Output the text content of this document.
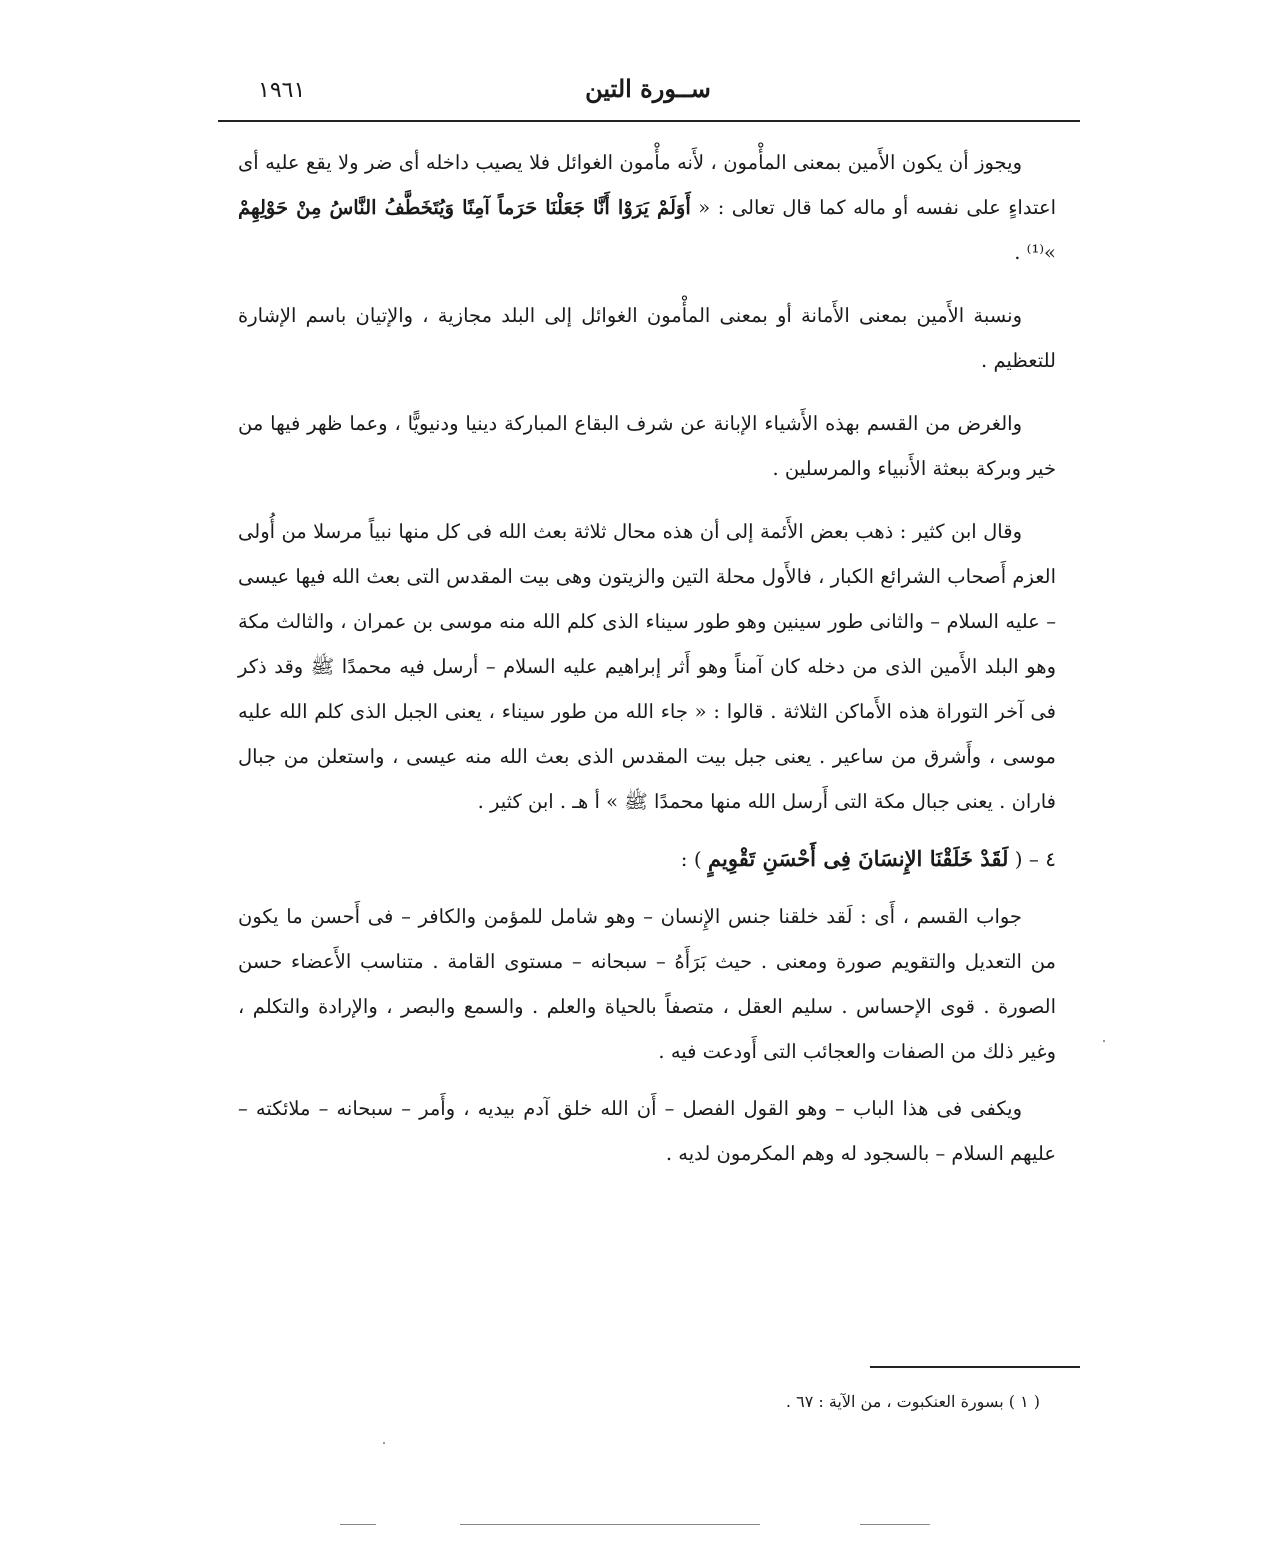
١٩٦١	ســورة التين

ويجوز أن يكون الأَمين بمعنى المأْمون ، لأَنه مأْمون الغوائل فلا يصيب داخله أى ضر ولا يقع عليه أى اعتداءٍ على نفسه أو ماله كما قال تعالى : « أَوَلَمْ يَرَوْا أَنَّا جَعَلْنَا حَرَماً آمِنًا وَيُتَخَطَّفُ النَّاسُ مِنْ حَوْلِهِمْ »⁽¹⁾ .

ونسبة الأَمين بمعنى الأَمانة أو بمعنى المأْمون الغوائل إلى البلد مجازية ، والإتيان باسم الإشارة للتعظيم .

والغرض من القسم بهذه الأَشياء الإبانة عن شرف البقاع المباركة دينيا ودنيويًّا ، وعما ظهر فيها من خير وبركة ببعثة الأَنبياء والمرسلين .

وقال ابن كثير : ذهب بعض الأَئمة إلى أن هذه محال ثلاثة بعث الله فى كل منها نبياً مرسلا من أُولى العزم أَصحاب الشرائع الكبار ، فالأَول محلة التين والزيتون وهى بيت المقدس التى بعث الله فيها عيسى – عليه السلام – والثانى طور سينين وهو طور سيناء الذى كلم الله منه موسى بن عمران ، والثالث مكة وهو البلد الأَمين الذى من دخله كان آمناً وهو أَثر إبراهيم عليه السلام – أرسل فيه محمدًا ﷺ وقد ذكر فى آخر التوراة هذه الأَماكن الثلاثة . قالوا : « جاء الله من طور سيناء ، يعنى الجبل الذى كلم الله عليه موسى ، وأَشرق من ساعير . يعنى جبل بيت المقدس الذى بعث الله منه عيسى ، واستعلن من جبال فاران . يعنى جبال مكة التى أَرسل الله منها محمدًا ﷺ » أ هـ . ابن كثير .

٤ – ( لَقَدْ خَلَقْنَا الإِنسَانَ فِى أَحْسَنِ تَقْوِيمٍ ) :

جواب القسم ، أَى : لَقد خلقنا جنس الإِنسان – وهو شامل للمؤمن والكافر – فى أَحسن ما يكون من التعديل والتقويم صورة ومعنى . حيث بَرَأَهُ – سبحانه – مستوى القامة . متناسب الأَعضاء حسن الصورة . قوى الإحساس . سليم العقل ، متصفاً بالحياة والعلم . والسمع والبصر ، والإرادة والتكلم ، وغير ذلك من الصفات والعجائب التى أَودعت فيه .

ويكفى فى هذا الباب – وهو القول الفصل – أَن الله خلق آدم بيديه ، وأَمر – سبحانه – ملائكته – عليهم السلام – بالسجود له وهم المكرمون لديه .

( ١ ) بسورة العنكبوت ، من الآية : ٦٧ .
